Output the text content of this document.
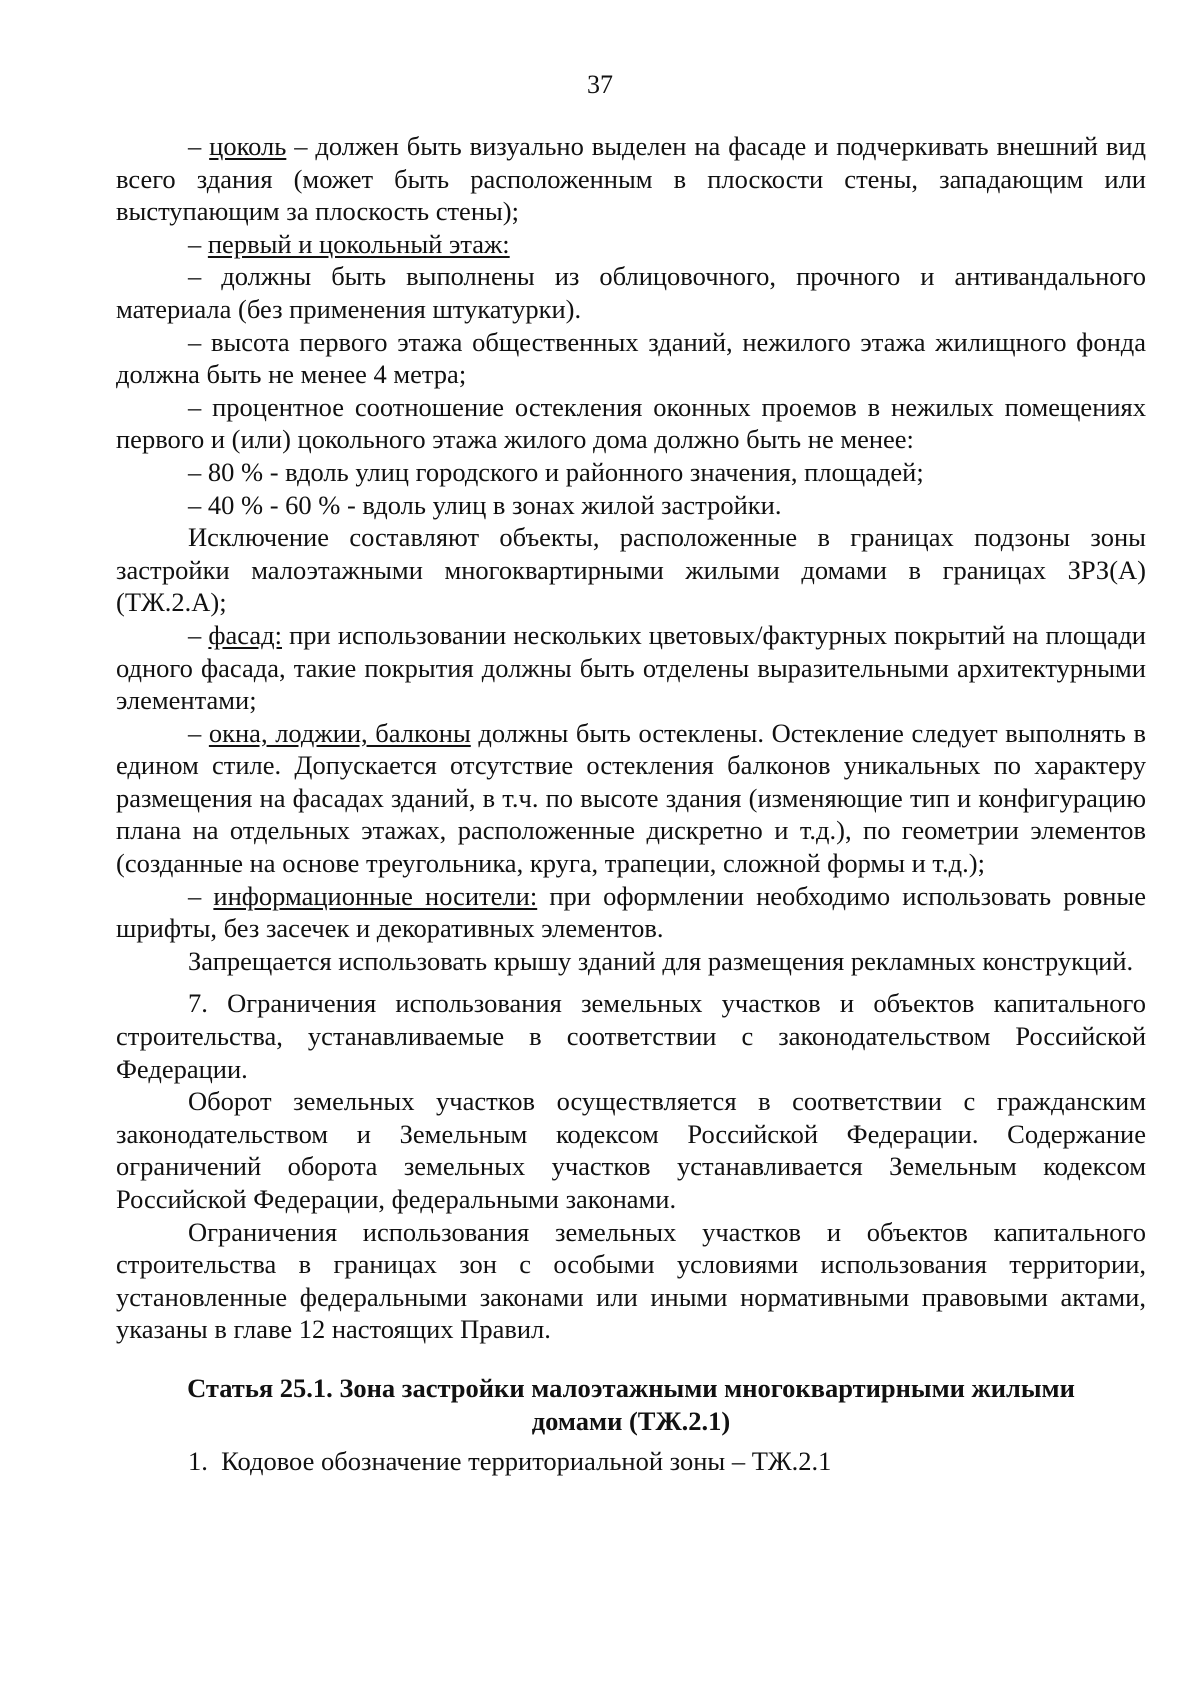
37

– цоколь – должен быть визуально выделен на фасаде и подчеркивать внешний вид всего здания (может быть расположенным в плоскости стены, западающим или выступающим за плоскость стены);

– первый и цокольный этаж:

– должны быть выполнены из облицовочного, прочного и антивандального материала (без применения штукатурки).

– высота первого этажа общественных зданий, нежилого этажа жилищного фонда должна быть не менее 4 метра;

– процентное соотношение остекления оконных проемов в нежилых помещениях первого и (или) цокольного этажа жилого дома должно быть не менее:

– 80 % - вдоль улиц городского и районного значения, площадей;

– 40 % - 60 % - вдоль улиц в зонах жилой застройки.

Исключение составляют объекты, расположенные в границах подзоны зоны застройки малоэтажными многоквартирными жилыми домами в границах ЗРЗ(А) (ТЖ.2.А);

– фасад: при использовании нескольких цветовых/фактурных покрытий на площади одного фасада, такие покрытия должны быть отделены выразительными архитектурными элементами;

– окна, лоджии, балконы должны быть остеклены. Остекление следует выполнять в едином стиле. Допускается отсутствие остекления балконов уникальных по характеру размещения на фасадах зданий, в т.ч. по высоте здания (изменяющие тип и конфигурацию плана на отдельных этажах, расположенные дискретно и т.д.), по геометрии элементов (созданные на основе треугольника, круга, трапеции, сложной формы и т.д.);

– информационные носители: при оформлении необходимо использовать ровные шрифты, без засечек и декоративных элементов.

Запрещается использовать крышу зданий для размещения рекламных конструкций.

7. Ограничения использования земельных участков и объектов капитального строительства, устанавливаемые в соответствии с законодательством Российской Федерации.

Оборот земельных участков осуществляется в соответствии с гражданским законодательством и Земельным кодексом Российской Федерации. Содержание ограничений оборота земельных участков устанавливается Земельным кодексом Российской Федерации, федеральными законами.

Ограничения использования земельных участков и объектов капитального строительства в границах зон с особыми условиями использования территории, установленные федеральными законами или иными нормативными правовыми актами, указаны в главе 12 настоящих Правил.

Статья 25.1. Зона застройки малоэтажными многоквартирными жилыми домами (ТЖ.2.1)

1. Кодовое обозначение территориальной зоны – ТЖ.2.1
